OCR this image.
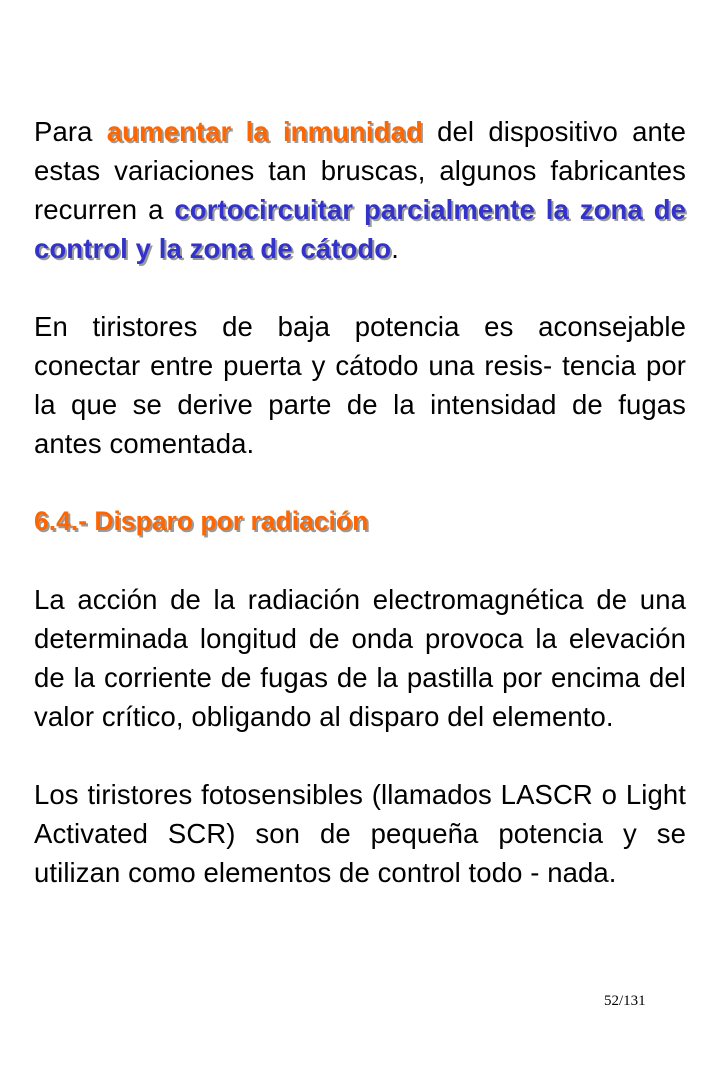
Para aumentar la inmunidad del dispositivo ante estas variaciones tan bruscas, algunos fabricantes recurren a cortocircuitar parcialmente la zona de control y la zona de cátodo.

En tiristores de baja potencia es aconsejable conectar entre puerta y cátodo una resis- tencia por la que se derive parte de la intensidad de fugas antes comentada.

6.4.- Disparo por radiación

La acción de la radiación electromagnética de una determinada longitud de onda provoca la elevación de la corriente de fugas de la pastilla por encima del valor crítico, obligando al disparo del elemento.

Los tiristores fotosensibles (llamados LASCR o Light Activated SCR) son de pequeña potencia y se utilizan como elementos de control todo - nada.

52/131
